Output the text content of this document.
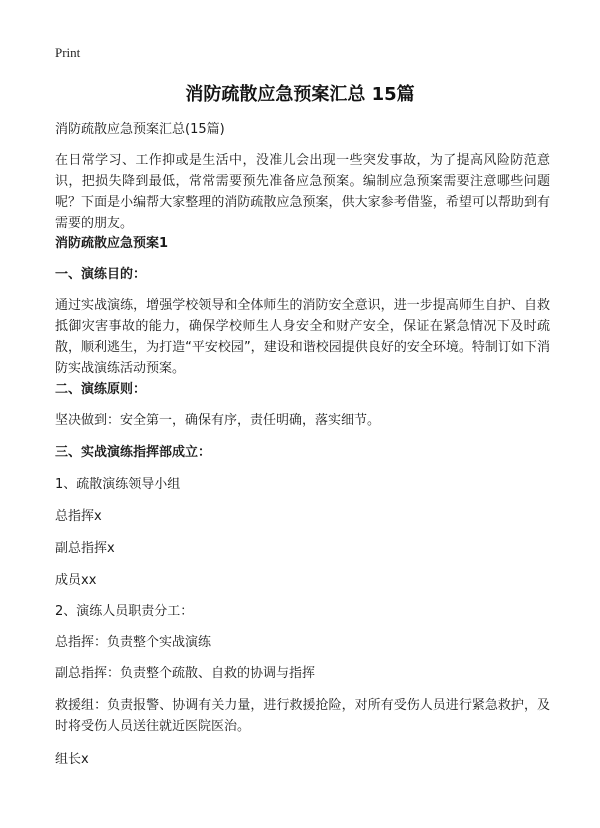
Print
消防疏散应急预案汇总 15篇

消防疏散应急预案汇总(15篇)

在日常学习、工作抑或是生活中，没准儿会出现一些突发事故，为了提高风险防范意识，把损失降到最低，常常需要预先准备应急预案。编制应急预案需要注意哪些问题呢？下面是小编帮大家整理的消防疏散应急预案，供大家参考借鉴，希望可以帮助到有需要的朋友。

消防疏散应急预案1

一、演练目的：

通过实战演练，增强学校领导和全体师生的消防安全意识，进一步提高师生自护、自救抵御灾害事故的能力，确保学校师生人身安全和财产安全，保证在紧急情况下及时疏散，顺利逃生，为打造“平安校园”，建设和谐校园提供良好的安全环境。特制订如下消防实战演练活动预案。

二、演练原则：

坚决做到：安全第一，确保有序，责任明确，落实细节。

三、实战演练指挥部成立：

1、疏散演练领导小组

总指挥x

副总指挥x

成员xx

2、演练人员职责分工：

总指挥：负责整个实战演练

副总指挥：负责整个疏散、自救的协调与指挥

救援组：负责报警、协调有关力量，进行救援抢险，对所有受伤人员进行紧急救护，及时将受伤人员送往就近医院医治。

组长x
